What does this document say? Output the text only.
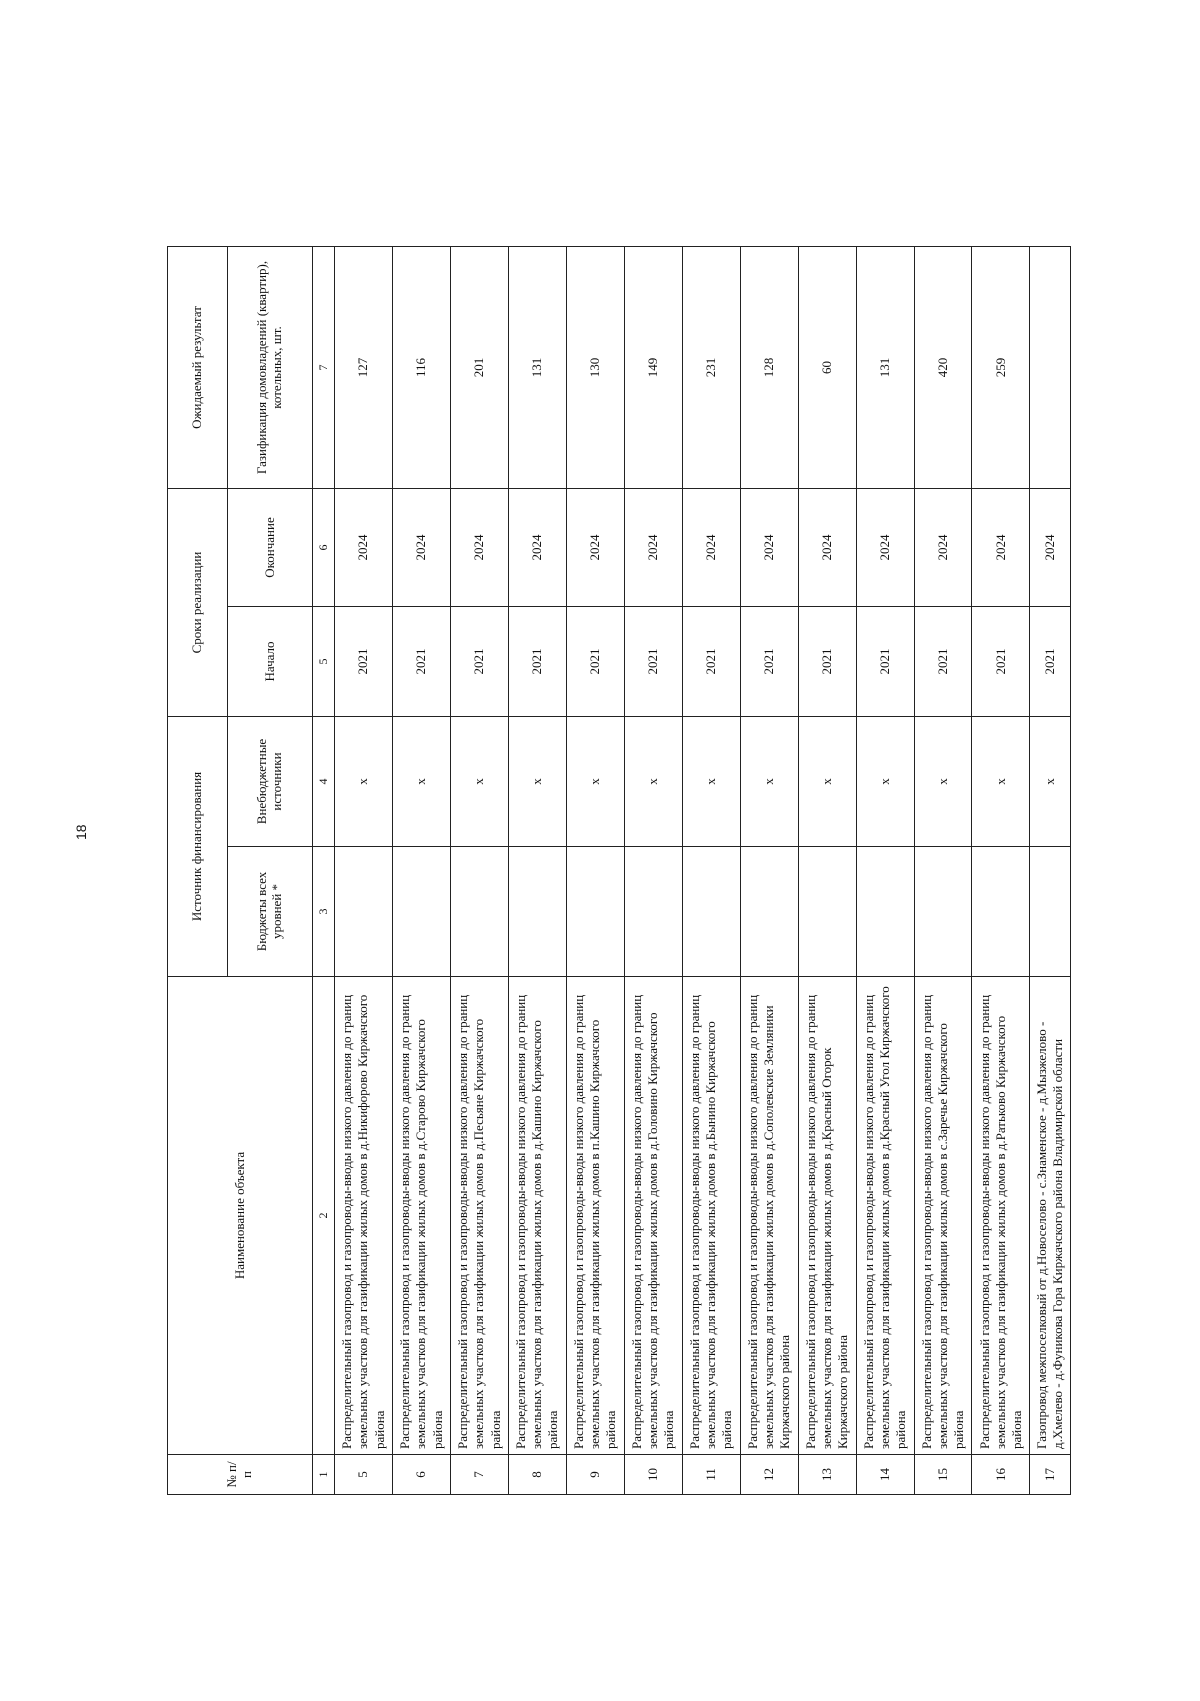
18
№ п/п	Наименование объекта	Источник финансирования		Сроки реализации		Ожидаемый результат
		Бюджеты всех уровней *	Внебюджетные источники	Начало	Окончание	Газификация домовладений (квартир), котельных, шт.
1	2	3	4	5	6	7
5	Распределительный газопровод и газопроводы-вводы низкого давления до границ земельных участков для газификации жилых домов в д.Никифорово Киржачского района		x	2021	2024	127
6	Распределительный газопровод и газопроводы-вводы низкого давления до границ земельных участков для газификации жилых домов в д.Старово Киржачского района		x	2021	2024	116
7	Распределительный газопровод и газопроводы-вводы низкого давления до границ земельных участков для газификации жилых домов в д.Песьяне Киржачского района		x	2021	2024	201
8	Распределительный газопровод и газопроводы-вводы низкого давления до границ земельных участков для газификации жилых домов в д.Кашино Киржачского района		x	2021	2024	131
9	Распределительный газопровод и газопроводы-вводы низкого давления до границ земельных участков для газификации жилых домов в п.Кашино Киржачского района		x	2021	2024	130
10	Распределительный газопровод и газопроводы-вводы низкого давления до границ земельных участков для газификации жилых домов в д.Головино Киржачского района		x	2021	2024	149
11	Распределительный газопровод и газопроводы-вводы низкого давления до границ земельных участков для газификации жилых домов в д.Бынино Киржачского района		x	2021	2024	231
12	Распределительный газопровод и газопроводы-вводы низкого давления до границ земельных участков для газификации жилых домов в д.Сополевские Земляники Киржачского района		x	2021	2024	128
13	Распределительный газопровод и газопроводы-вводы низкого давления до границ земельных участков для газификации жилых домов в д.Красный Огорок Киржачского района		x	2021	2024	60
14	Распределительный газопровод и газопроводы-вводы низкого давления до границ земельных участков для газификации жилых домов в д.Красный Угол Киржачского района		x	2021	2024	131
15	Распределительный газопровод и газопроводы-вводы низкого давления до границ земельных участков для газификации жилых домов в с.Заречье Киржачского района		x	2021	2024	420
16	Распределительный газопровод и газопроводы-вводы низкого давления до границ земельных участков для газификации жилых домов в д.Ратьково Киржачского района		x	2021	2024	259
17	Газопровод межпоселковый от д.Новоселово - с.Знаменское - д.Мызжелово - д.Хмелево - д.Фуникова Гора Киржачского района Владимирской области		x	2021	2024	
